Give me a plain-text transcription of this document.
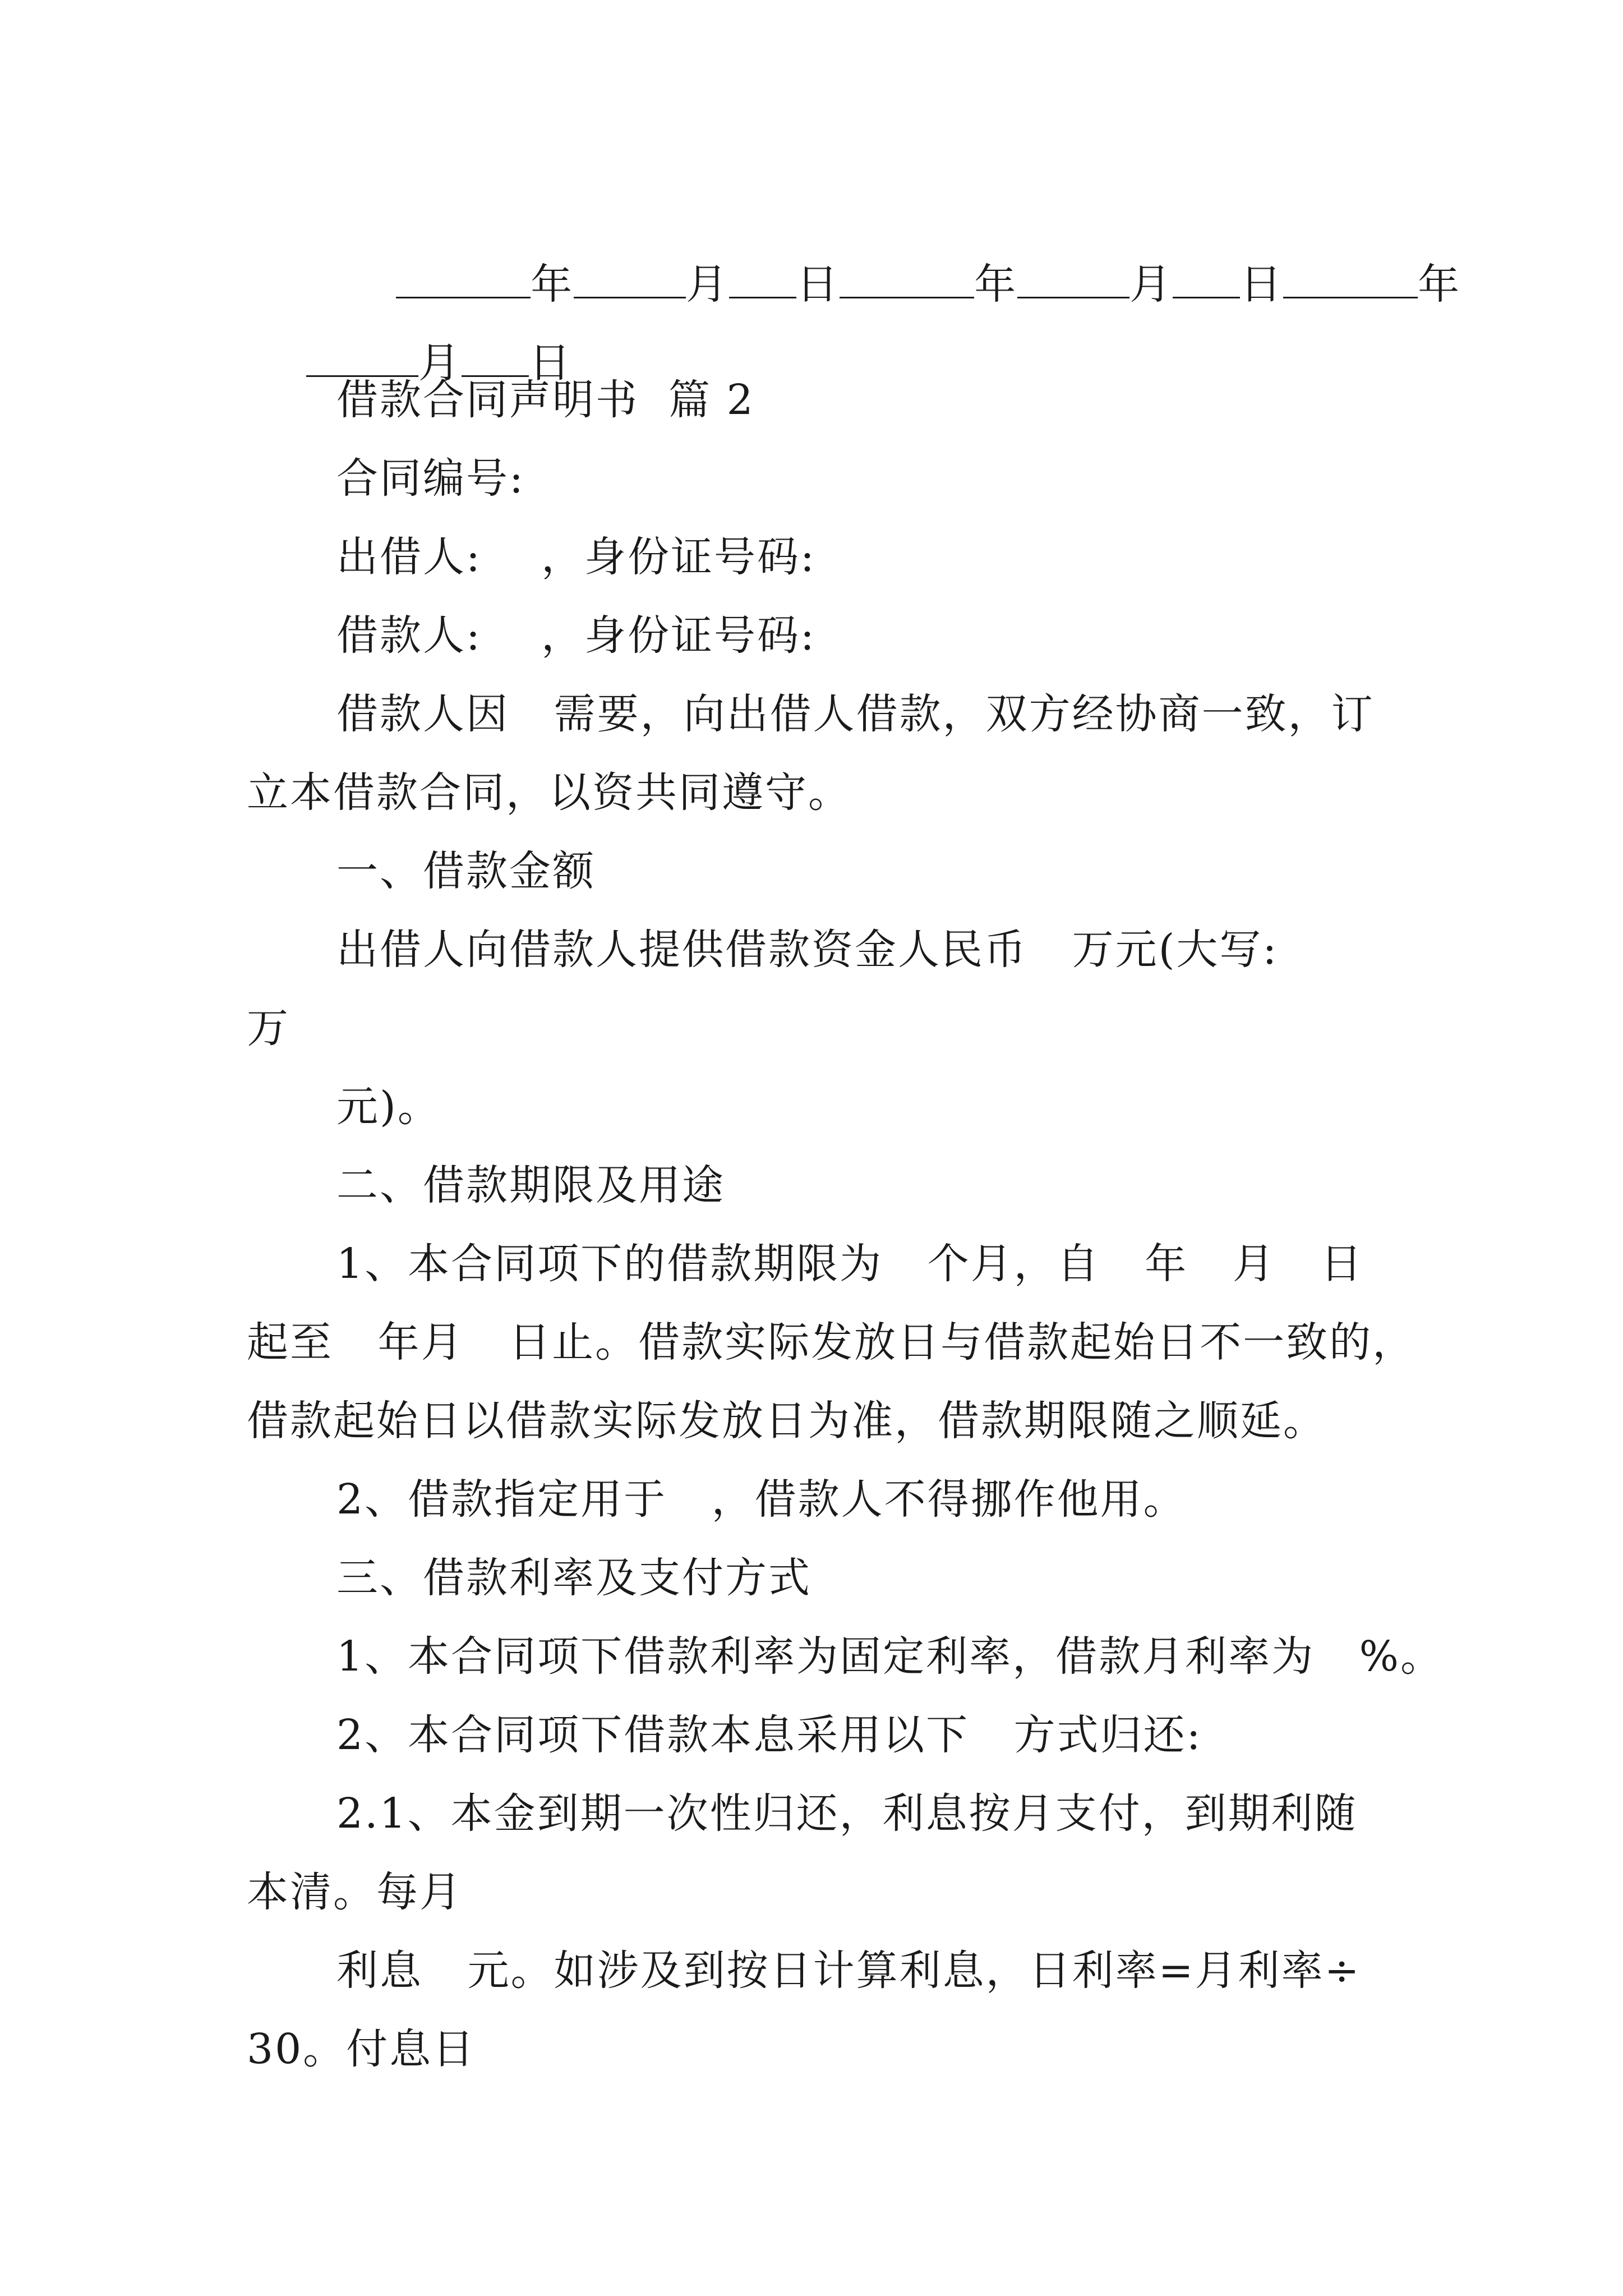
年	月 日	年	月 日	年

月 日

借款合同声明书  篇 2
合同编号:
出借人:    ，身份证号码:
借款人:    ，身份证号码:
借款人因   需要，向出借人借款，双方经协商一致，订
立本借款合同，以资共同遵守。
一、借款金额
出借人向借款人提供借款资金人民币   万元(大写:
万
元)。
二、借款期限及用途
1、本合同项下的借款期限为   个月，自   年   月   日
起至   年月   日止。借款实际发放日与借款起始日不一致的，
借款起始日以借款实际发放日为准，借款期限随之顺延。
2、借款指定用于   ，借款人不得挪作他用。
三、借款利率及支付方式
1、本合同项下借款利率为固定利率，借款月利率为   %。
2、本合同项下借款本息采用以下   方式归还:
2.1、本金到期一次性归还，利息按月支付，到期利随
本清。每月
利息   元。如涉及到按日计算利息，日利率=月利率÷
30。付息日
